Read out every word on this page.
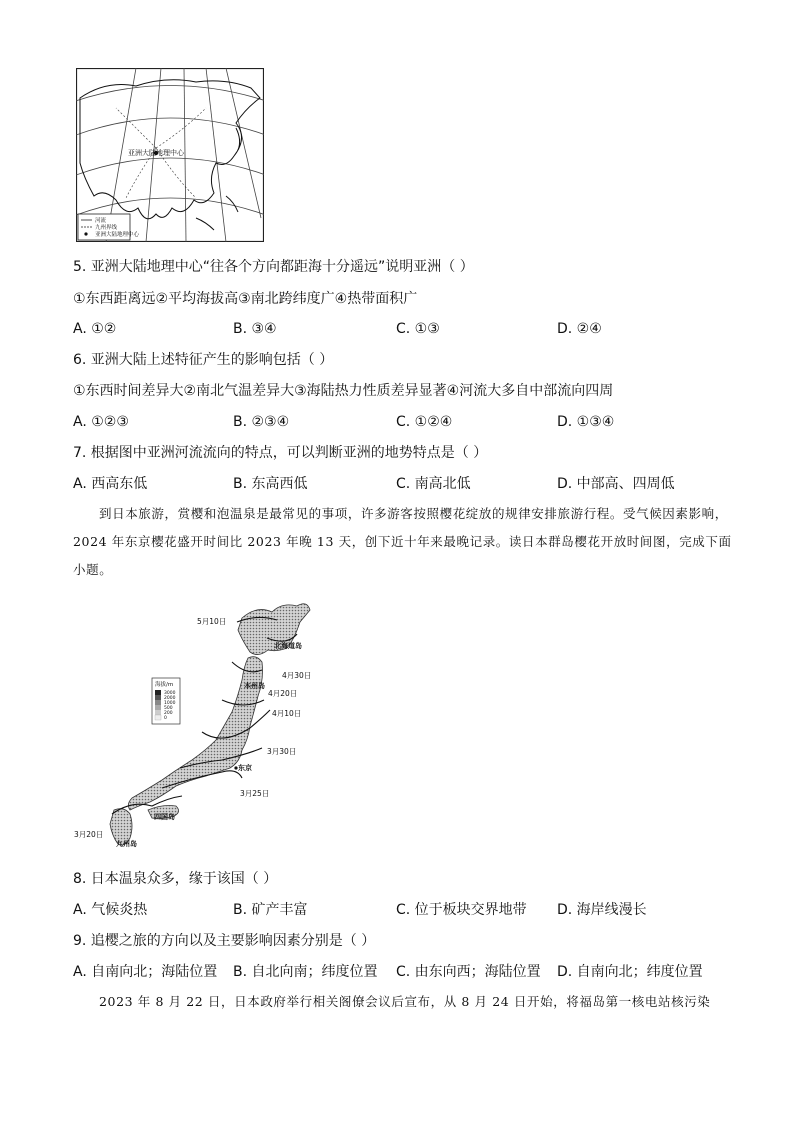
亚洲大陆地理中心
河流
九州界线
亚洲大陆地理中心
5. 亚洲大陆地理中心“往各个方向都距海十分遥远”说明亚洲（ ）
①东西距离远②平均海拔高③南北跨纬度广④热带面积广
A. ①②	B. ③④	C. ①③	D. ②④
6. 亚洲大陆上述特征产生的影响包括（ ）
①东西时间差异大②南北气温差异大③海陆热力性质差异显著④河流大多自中部流向四周
A. ①②③	B. ②③④	C. ①②④	D. ①③④
7. 根据图中亚洲河流流向的特点，可以判断亚洲的地势特点是（ ）
A. 西高东低	B. 东高西低	C. 南高北低	D. 中部高、四周低
到日本旅游，赏樱和泡温泉是最常见的事项，许多游客按照樱花绽放的规律安排旅游行程。受气候因素影响，2024 年东京樱花盛开时间比 2023 年晚 13 天，创下近十年来最晚记录。读日本群岛樱花开放时间图，完成下面小题。
海拔/m
3000
2000
1000
500
200
0
5月10日
北海道岛
4月30日
本州岛
4月20日
4月10日
3月30日
东京
3月25日
四国岛
3月20日
九州岛
8. 日本温泉众多，缘于该国（ ）
A. 气候炎热	B. 矿产丰富	C. 位于板块交界地带 D. 海岸线漫长
9. 追樱之旅的方向以及主要影响因素分别是（ ）
A. 自南向北；海陆位置 B. 自北向南；纬度位置 C. 由东向西；海陆位置 D. 自南向北；纬度位置
2023 年 8 月 22 日，日本政府举行相关阁僚会议后宣布，从 8 月 24 日开始，将福岛第一核电站核污染
